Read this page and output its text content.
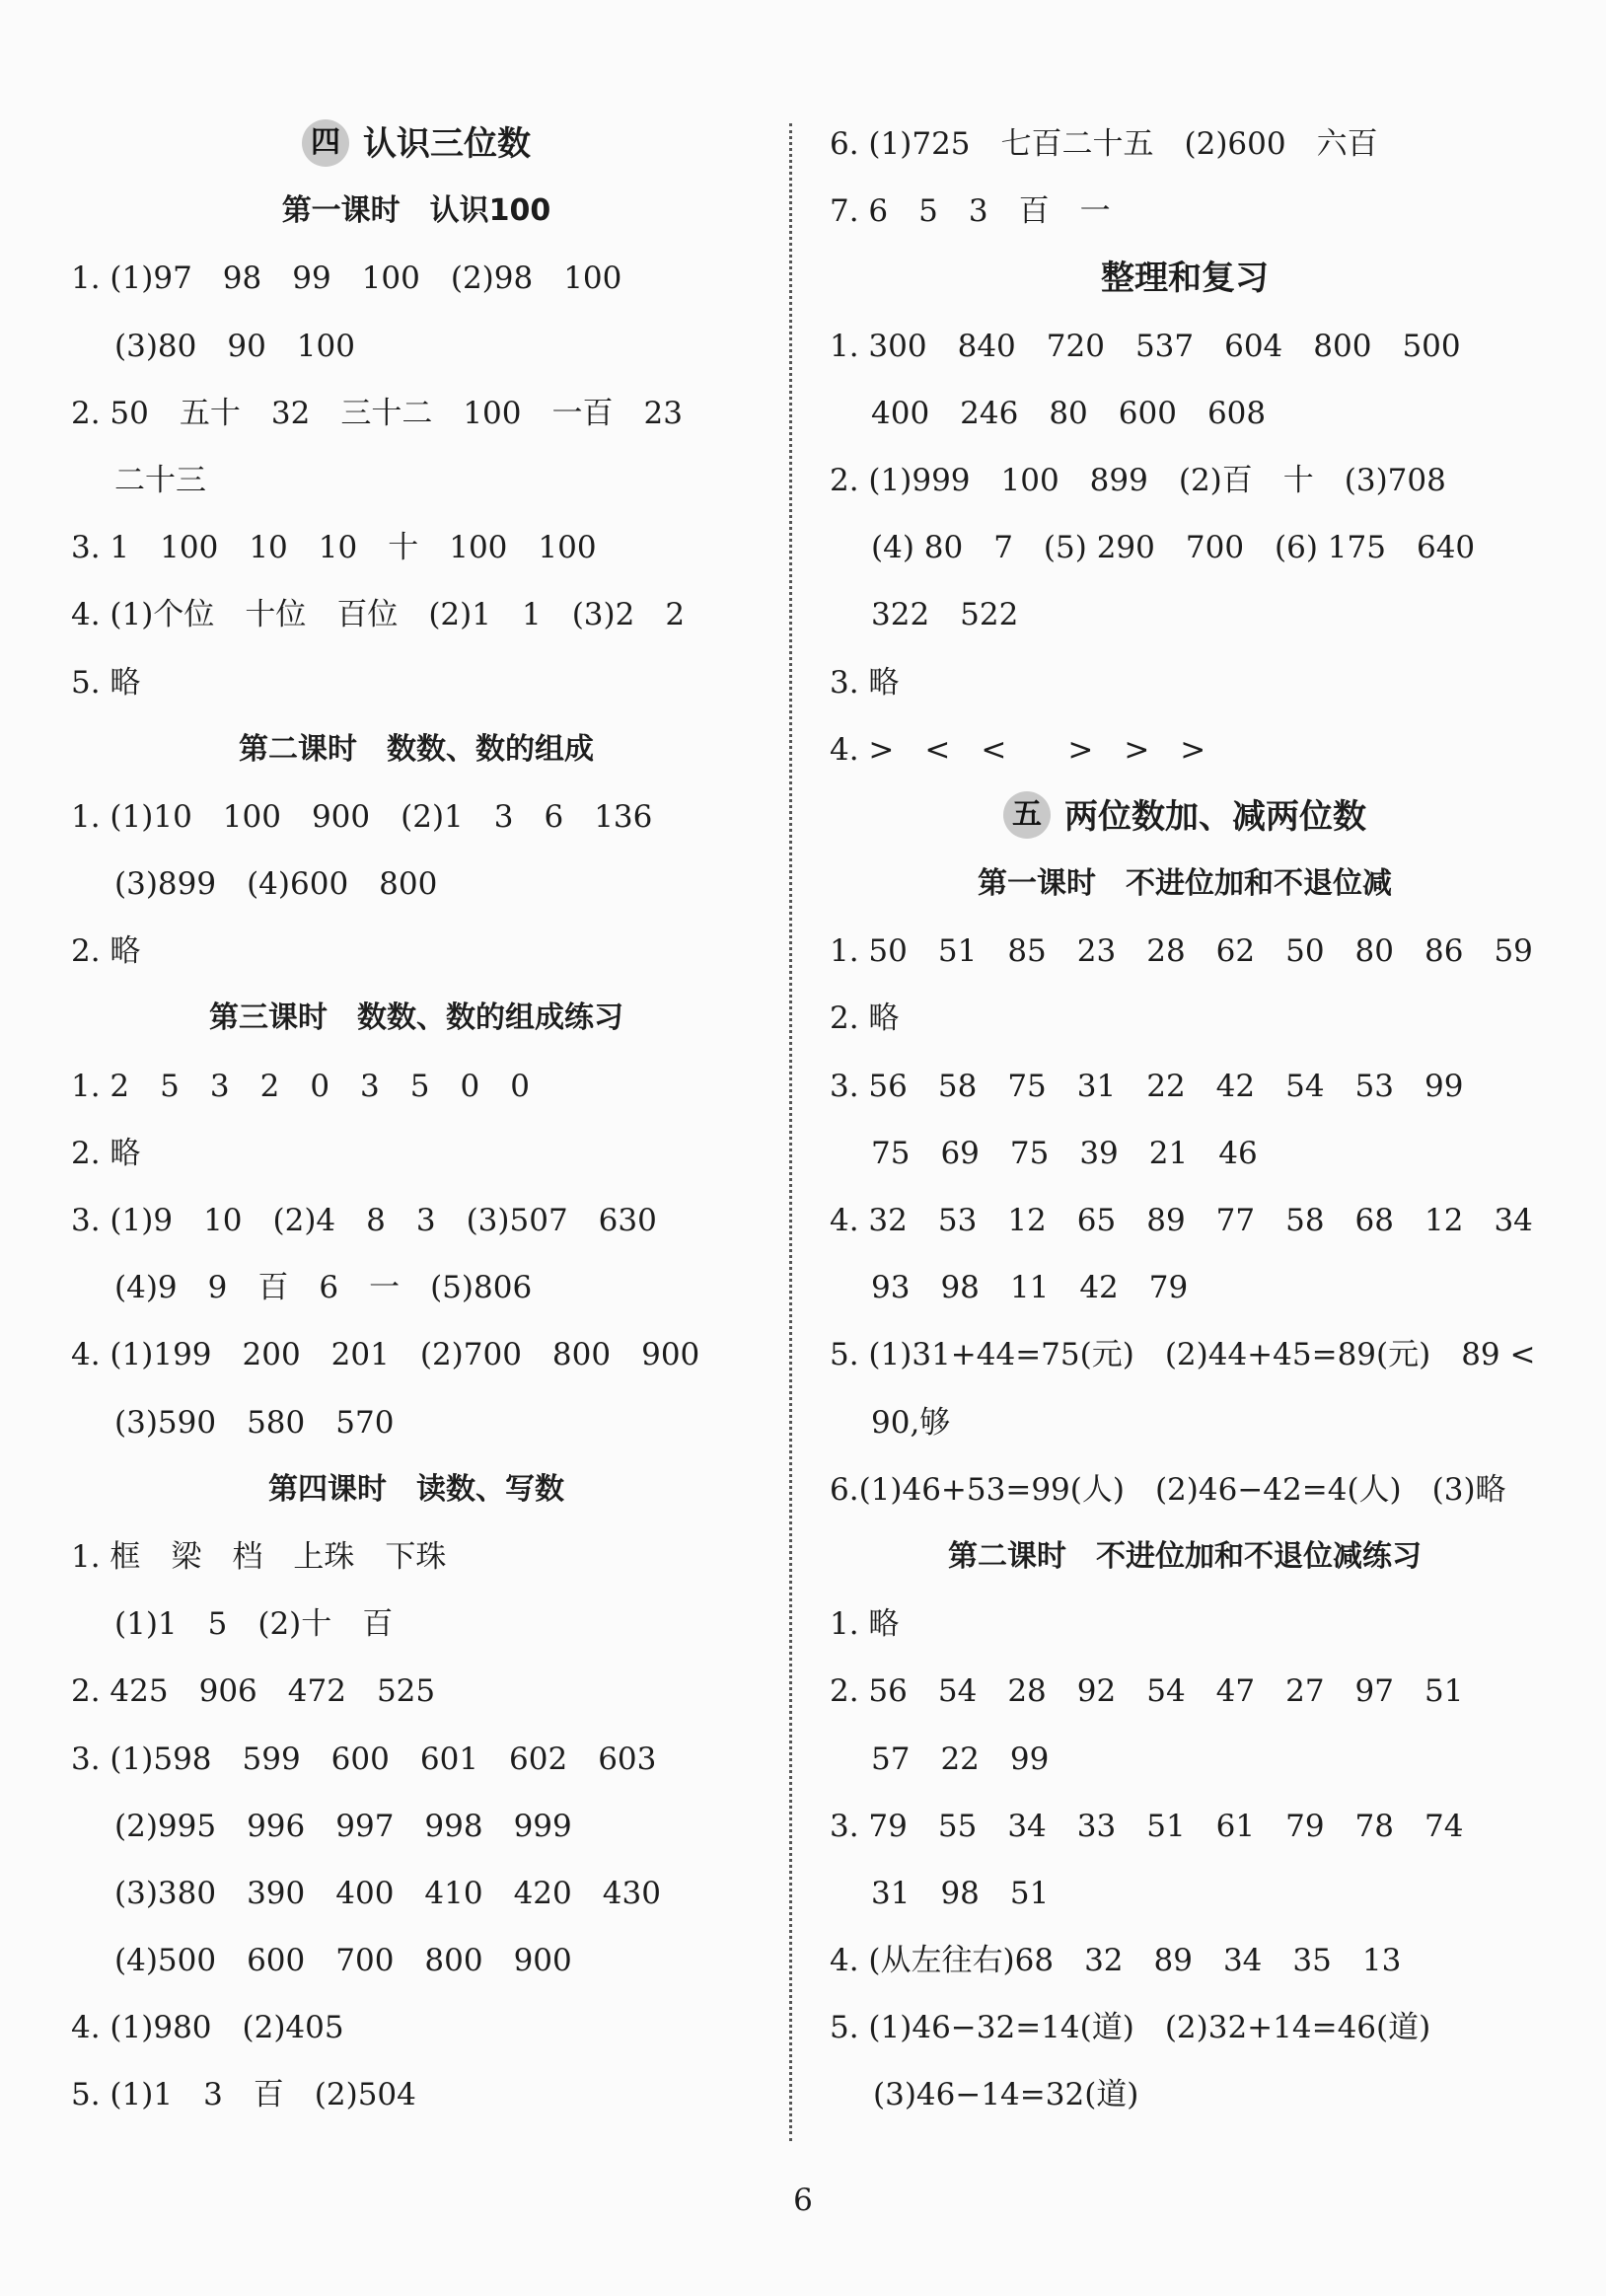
四 认识三位数
第一课时　认识100
1. (1)97　98　99　100　(2)98　100
(3)80　90　100
2. 50　五十　32　三十二　100　一百　23
二十三
3. 1　100　10　10　十　100　100
4. (1)个位　十位　百位　(2)1　1　(3)2　2
5. 略
第二课时　数数、数的组成
1. (1)10　100　900　(2)1　3　6　136
(3)899　(4)600　800
2. 略
第三课时　数数、数的组成练习
1. 2　5　3　2　0　3　5　0　0
2. 略
3. (1)9　10　(2)4　8　3　(3)507　630
(4)9　9　百　6　一　(5)806
4. (1)199　200　201　(2)700　800　900
(3)590　580　570
第四课时　读数、写数
1. 框　梁　档　上珠　下珠
(1)1　5　(2)十　百
2. 425　906　472　525
3. (1)598　599　600　601　602　603
(2)995　996　997　998　999
(3)380　390　400　410　420　430
(4)500　600　700　800　900
4. (1)980　(2)405
5. (1)1　3　百　(2)504
6. (1)725　七百二十五　(2)600　六百
7. 6　5　3　百　一
整理和复习
1. 300　840　720　537　604　800　500
400　246　80　600　608
2. (1)999　100　899　(2)百　十　(3)708
(4) 80　7　(5) 290　700　(6) 175　640
322　522
3. 略
4. >　<　<　　>　>　>
五 两位数加、减两位数
第一课时　不进位加和不退位减
1. 50　51　85　23　28　62　50　80　86　59
2. 略
3. 56　58　75　31　22　42　54　53　99
75　69　75　39　21　46
4. 32　53　12　65　89　77　58　68　12　34
93　98　11　42　79
5. (1)31+44=75(元)　(2)44+45=89(元)　89 <
90,够
6.(1)46+53=99(人)　(2)46−42=4(人)　(3)略
第二课时　不进位加和不退位减练习
1. 略
2. 56　54　28　92　54　47　27　97　51
57　22　99
3. 79　55　34　33　51　61　79　78　74
31　98　51
4. (从左往右)68　32　89　34　35　13
5. (1)46−32=14(道)　(2)32+14=46(道)
(3)46−14=32(道)
6
